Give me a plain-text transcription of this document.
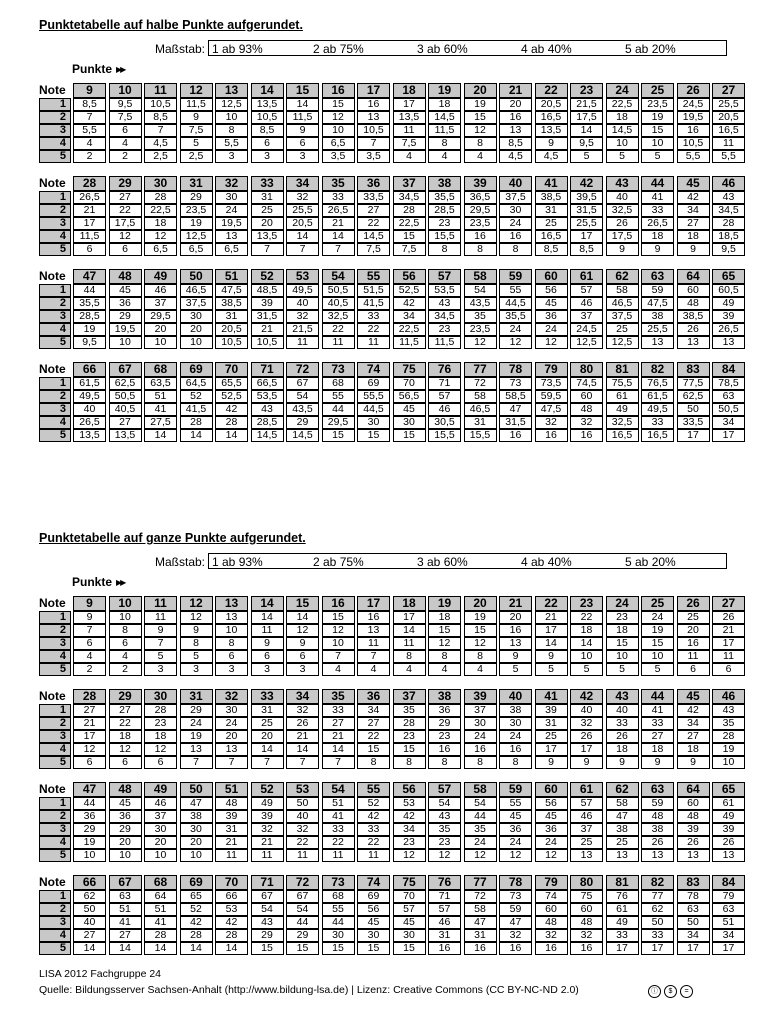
Punktetabelle auf halbe Punkte aufgerundet.
Maßstab: 1 ab 93%	2 ab 75%	3 ab 60%	4 ab 40%	5 ab 20%
Punkte ▶▶
Note	9	10	11	12	13	14	15	16	17	18	19	20	21	22	23	24	25	26	27
1	8,5	9,5	10,5	11,5	12,5	13,5	14	15	16	17	18	19	20	20,5	21,5	22,5	23,5	24,5	25,5
2	7	7,5	8,5	9	10	10,5	11,5	12	13	13,5	14,5	15	16	16,5	17,5	18	19	19,5	20,5
3	5,5	6	7	7,5	8	8,5	9	10	10,5	11	11,5	12	13	13,5	14	14,5	15	16	16,5
4	4	4	4,5	5	5,5	6	6	6,5	7	7,5	8	8	8,5	9	9,5	10	10	10,5	11
5	2	2	2,5	2,5	3	3	3	3,5	3,5	4	4	4	4,5	4,5	5	5	5	5,5	5,5
Note	28	29	30	31	32	33	34	35	36	37	38	39	40	41	42	43	44	45	46
1	26,5	27	28	29	30	31	32	33	33,5	34,5	35,5	36,5	37,5	38,5	39,5	40	41	42	43
2	21	22	22,5	23,5	24	25	25,5	26,5	27	28	28,5	29,5	30	31	31,5	32,5	33	34	34,5
3	17	17,5	18	19	19,5	20	20,5	21	22	22,5	23	23,5	24	25	25,5	26	26,5	27	28
4	11,5	12	12	12,5	13	13,5	14	14	14,5	15	15,5	16	16	16,5	17	17,5	18	18	18,5
5	6	6	6,5	6,5	6,5	7	7	7	7,5	7,5	8	8	8	8,5	8,5	9	9	9	9,5
Note	47	48	49	50	51	52	53	54	55	56	57	58	59	60	61	62	63	64	65
1	44	45	46	46,5	47,5	48,5	49,5	50,5	51,5	52,5	53,5	54	55	56	57	58	59	60	60,5
2	35,5	36	37	37,5	38,5	39	40	40,5	41,5	42	43	43,5	44,5	45	46	46,5	47,5	48	49
3	28,5	29	29,5	30	31	31,5	32	32,5	33	34	34,5	35	35,5	36	37	37,5	38	38,5	39
4	19	19,5	20	20	20,5	21	21,5	22	22	22,5	23	23,5	24	24	24,5	25	25,5	26	26,5
5	9,5	10	10	10	10,5	10,5	11	11	11	11,5	11,5	12	12	12	12,5	12,5	13	13	13
Note	66	67	68	69	70	71	72	73	74	75	76	77	78	79	80	81	82	83	84
1	61,5	62,5	63,5	64,5	65,5	66,5	67	68	69	70	71	72	73	73,5	74,5	75,5	76,5	77,5	78,5
2	49,5	50,5	51	52	52,5	53,5	54	55	55,5	56,5	57	58	58,5	59,5	60	61	61,5	62,5	63
3	40	40,5	41	41,5	42	43	43,5	44	44,5	45	46	46,5	47	47,5	48	49	49,5	50	50,5
4	26,5	27	27,5	28	28	28,5	29	29,5	30	30	30,5	31	31,5	32	32	32,5	33	33,5	34
5	13,5	13,5	14	14	14	14,5	14,5	15	15	15	15,5	15,5	16	16	16	16,5	16,5	17	17
Punktetabelle auf ganze Punkte aufgerundet.
Maßstab: 1 ab 93%	2 ab 75%	3 ab 60%	4 ab 40%	5 ab 20%
Punkte ▶▶
Note	9	10	11	12	13	14	15	16	17	18	19	20	21	22	23	24	25	26	27
1	9	10	11	12	13	14	14	15	16	17	18	19	20	21	22	23	24	25	26
2	7	8	9	9	10	11	12	12	13	14	15	15	16	17	18	18	19	20	21
3	6	6	7	8	8	9	9	10	11	11	12	12	13	14	14	15	15	16	17
4	4	4	5	5	6	6	6	7	7	8	8	8	9	9	10	10	10	11	11
5	2	2	3	3	3	3	3	4	4	4	4	4	5	5	5	5	5	6	6
Note	28	29	30	31	32	33	34	35	36	37	38	39	40	41	42	43	44	45	46
1	27	27	28	29	30	31	32	33	34	35	36	37	38	39	40	40	41	42	43
2	21	22	23	24	24	25	26	27	27	28	29	30	30	31	32	33	33	34	35
3	17	18	18	19	20	20	21	21	22	23	23	24	24	25	26	26	27	27	28
4	12	12	12	13	13	14	14	14	15	15	16	16	16	17	17	18	18	18	19
5	6	6	6	7	7	7	7	7	8	8	8	8	8	9	9	9	9	9	10
Note	47	48	49	50	51	52	53	54	55	56	57	58	59	60	61	62	63	64	65
1	44	45	46	47	48	49	50	51	52	53	54	54	55	56	57	58	59	60	61
2	36	36	37	38	39	39	40	41	42	42	43	44	45	45	46	47	48	48	49
3	29	29	30	30	31	32	32	33	33	34	35	35	36	36	37	38	38	39	39
4	19	20	20	20	21	21	22	22	22	23	23	24	24	24	25	25	26	26	26
5	10	10	10	10	11	11	11	11	11	12	12	12	12	12	13	13	13	13	13
Note	66	67	68	69	70	71	72	73	74	75	76	77	78	79	80	81	82	83	84
1	62	63	64	65	66	67	67	68	69	70	71	72	73	74	75	76	77	78	79
2	50	51	51	52	53	54	54	55	56	57	57	58	59	60	60	61	62	63	63
3	40	41	41	42	42	43	44	44	45	45	46	47	47	48	48	49	50	50	51
4	27	27	28	28	28	29	29	30	30	30	31	31	32	32	32	33	33	34	34
5	14	14	14	14	14	15	15	15	15	15	16	16	16	16	16	17	17	17	17
LISA 2012 Fachgruppe 24
Quelle: Bildungsserver Sachsen-Anhalt (http://www.bildung-lsa.de) | Lizenz: Creative Commons (CC BY-NC-ND 2.0)	ⓘ	$	=
